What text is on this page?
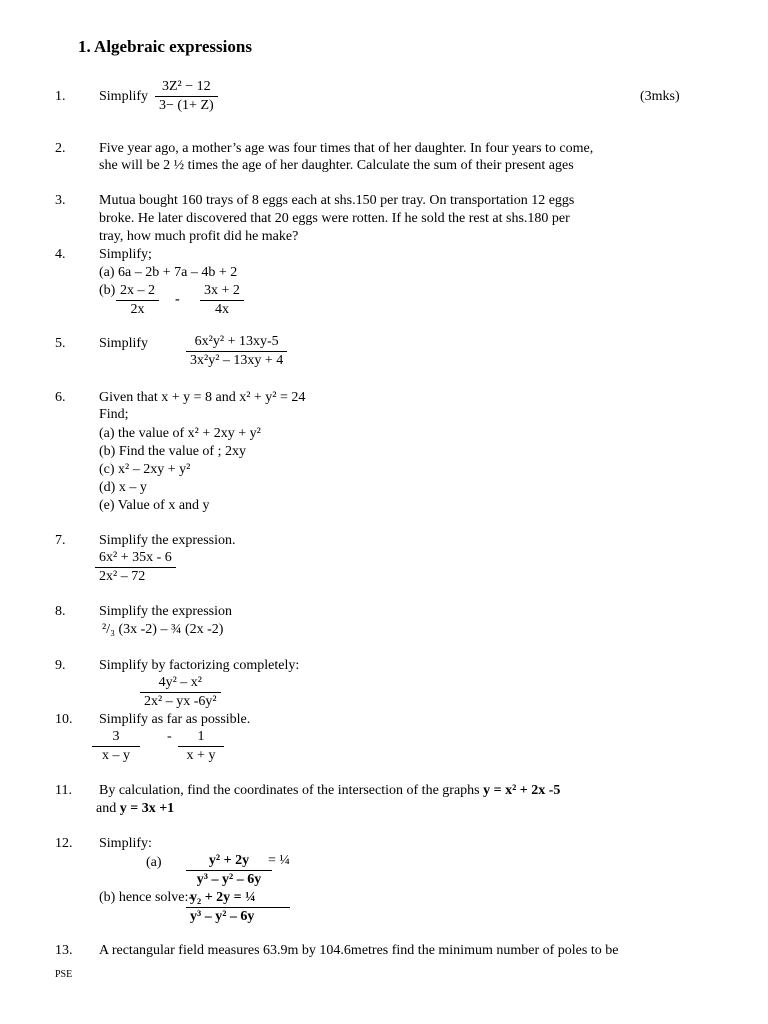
1. Algebraic expressions
1. Simplify $\frac{\text{3Z² − 12}}{3- (1+ Z)}$	(3mks)
2. Five year ago, a mother’s age was four times that of her daughter. In four years to come,
she will be 2 ½ times the age of her daughter. Calculate the sum of their present ages
3. Mutua bought 160 trays of 8 eggs each at shs.150 per tray. On transportation 12 eggs
broke. He later discovered that 20 eggs were rotten. If he sold the rest at shs.180 per
tray, how much profit did he make?
4. Simplify;
(a) 6a – 2b + 7a – 4b + 2
$(b) \frac{2x - 2}{2x} - \frac{3x + 2}{4x}$
5. Simplify	$\frac{\text{6x²y² + 13xy-5}}{\text{3x²y² – 13xy + 4}}$
6. Given that x + y = 8 and x² + y² = 24
Find;
(a) the value of x² + 2xy + y²
(b) Find the value of ; 2xy
(c) x² – 2xy + y²
(d) x – y
(e) Value of x and y
7. Simplify the expression.
$\frac{\text{6x² + 35x - 6}}{\text{2x² – 72}}$
8. Simplify the expression
²/₃ (3x -2) – ¾ (2x -2)
9. Simplify by factorizing completely:
$\frac{\text{4y² – x²}}{\text{2x² – yx -6y²}}$
10. Simplify as far as possible.
$\frac{3}{x - y} - \frac{1}{x + y}$
11. By calculation, find the coordinates of the intersection of the graphs y = x² + 2x -5
and y = 3x +1
12. Simplify:
$(a) \frac{\text{y² + 2y}}{\text{y³ – y² – 6y}}$
= ¼
(b) hence solve:-
$\frac{\text{y₂ + 2y = ¼}}{\text{y³ – y² – 6y}}$
13. A rectangular field measures 63.9m by 104.6metres find the minimum number of poles to be
PSE
